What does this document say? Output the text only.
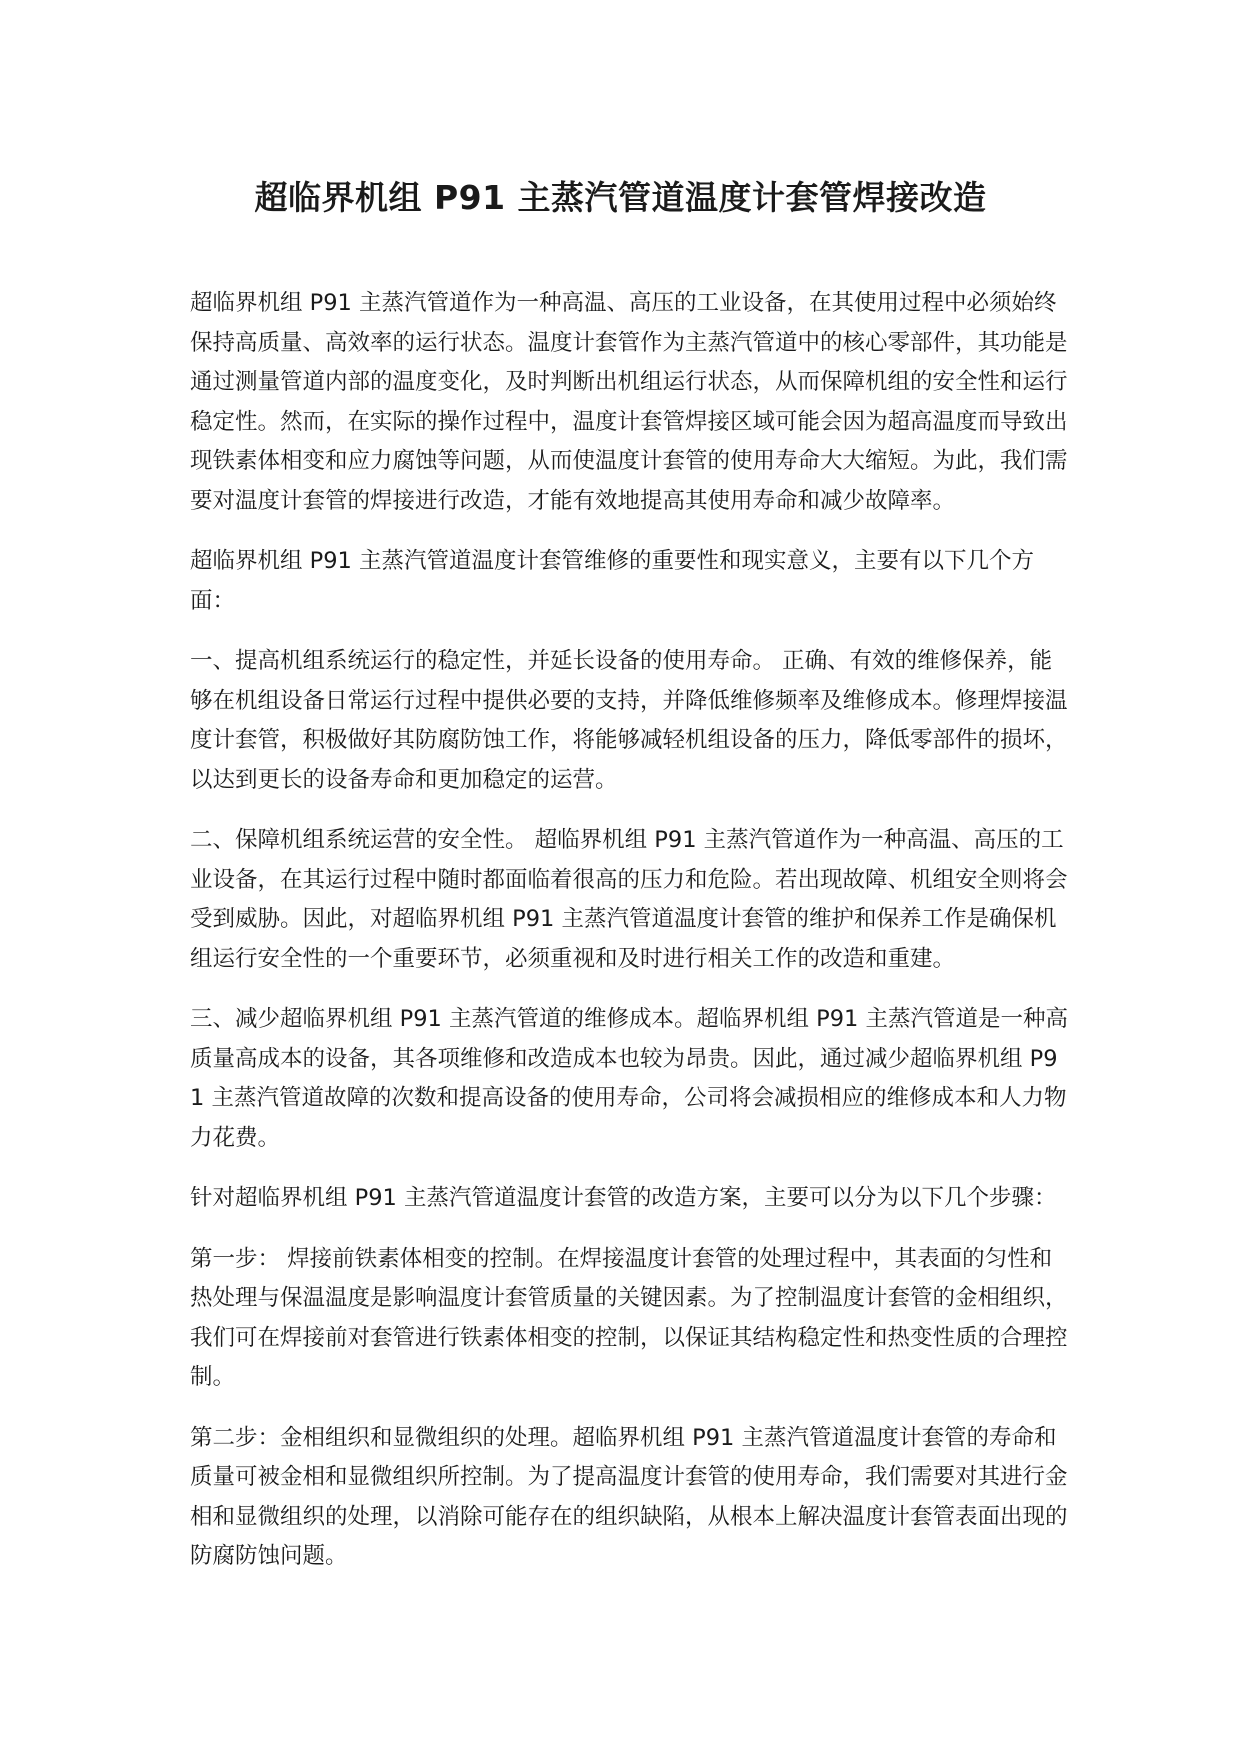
超临界机组 P91 主蒸汽管道温度计套管焊接改造

超临界机组 P91 主蒸汽管道作为一种高温、高压的工业设备，在其使用过程中必须始终保持高质量、高效率的运行状态。温度计套管作为主蒸汽管道中的核心零部件，其功能是通过测量管道内部的温度变化，及时判断出机组运行状态，从而保障机组的安全性和运行稳定性。然而，在实际的操作过程中，温度计套管焊接区域可能会因为超高温度而导致出现铁素体相变和应力腐蚀等问题，从而使温度计套管的使用寿命大大缩短。为此，我们需要对温度计套管的焊接进行改造，才能有效地提高其使用寿命和减少故障率。

超临界机组 P91 主蒸汽管道温度计套管维修的重要性和现实意义，主要有以下几个方面：

一、提高机组系统运行的稳定性，并延长设备的使用寿命。 正确、有效的维修保养，能够在机组设备日常运行过程中提供必要的支持，并降低维修频率及维修成本。修理焊接温度计套管，积极做好其防腐防蚀工作，将能够减轻机组设备的压力，降低零部件的损坏，以达到更长的设备寿命和更加稳定的运营。

二、保障机组系统运营的安全性。 超临界机组 P91 主蒸汽管道作为一种高温、高压的工业设备，在其运行过程中随时都面临着很高的压力和危险。若出现故障、机组安全则将会受到威胁。因此，对超临界机组 P91 主蒸汽管道温度计套管的维护和保养工作是确保机组运行安全性的一个重要环节，必须重视和及时进行相关工作的改造和重建。

三、减少超临界机组 P91 主蒸汽管道的维修成本。超临界机组 P91 主蒸汽管道是一种高质量高成本的设备，其各项维修和改造成本也较为昂贵。因此，通过减少超临界机组 P91 主蒸汽管道故障的次数和提高设备的使用寿命，公司将会减损相应的维修成本和人力物力花费。

针对超临界机组 P91 主蒸汽管道温度计套管的改造方案，主要可以分为以下几个步骤：

第一步： 焊接前铁素体相变的控制。在焊接温度计套管的处理过程中，其表面的匀性和热处理与保温温度是影响温度计套管质量的关键因素。为了控制温度计套管的金相组织，我们可在焊接前对套管进行铁素体相变的控制，以保证其结构稳定性和热变性质的合理控制。

第二步：金相组织和显微组织的处理。超临界机组 P91 主蒸汽管道温度计套管的寿命和质量可被金相和显微组织所控制。为了提高温度计套管的使用寿命，我们需要对其进行金相和显微组织的处理，以消除可能存在的组织缺陷，从根本上解决温度计套管表面出现的防腐防蚀问题。
